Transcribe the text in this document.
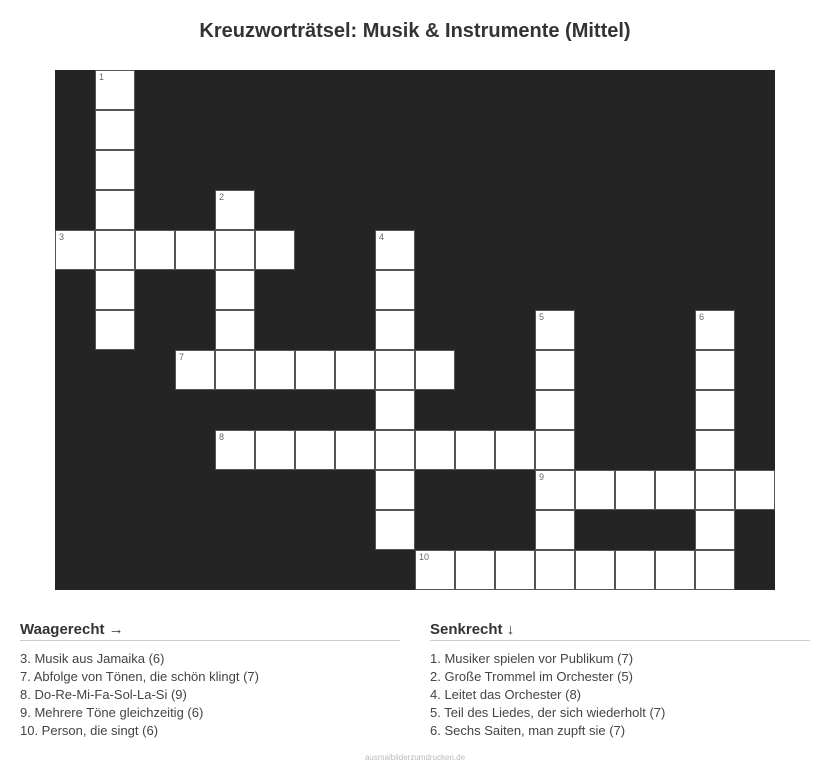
Kreuzworträtsel: Musik & Instrumente (Mittel)
1
2
3	4
5	6
7
8
9
10
Waagerecht →
3. Musik aus Jamaika (6)
7. Abfolge von Tönen, die schön klingt (7)
8. Do-Re-Mi-Fa-Sol-La-Si (9)
9. Mehrere Töne gleichzeitig (6)
10. Person, die singt (6)
Senkrecht ↓
1. Musiker spielen vor Publikum (7)
2. Große Trommel im Orchester (5)
4. Leitet das Orchester (8)
5. Teil des Liedes, der sich wiederholt (7)
6. Sechs Saiten, man zupft sie (7)
ausmalbilderzumdrucken.de
